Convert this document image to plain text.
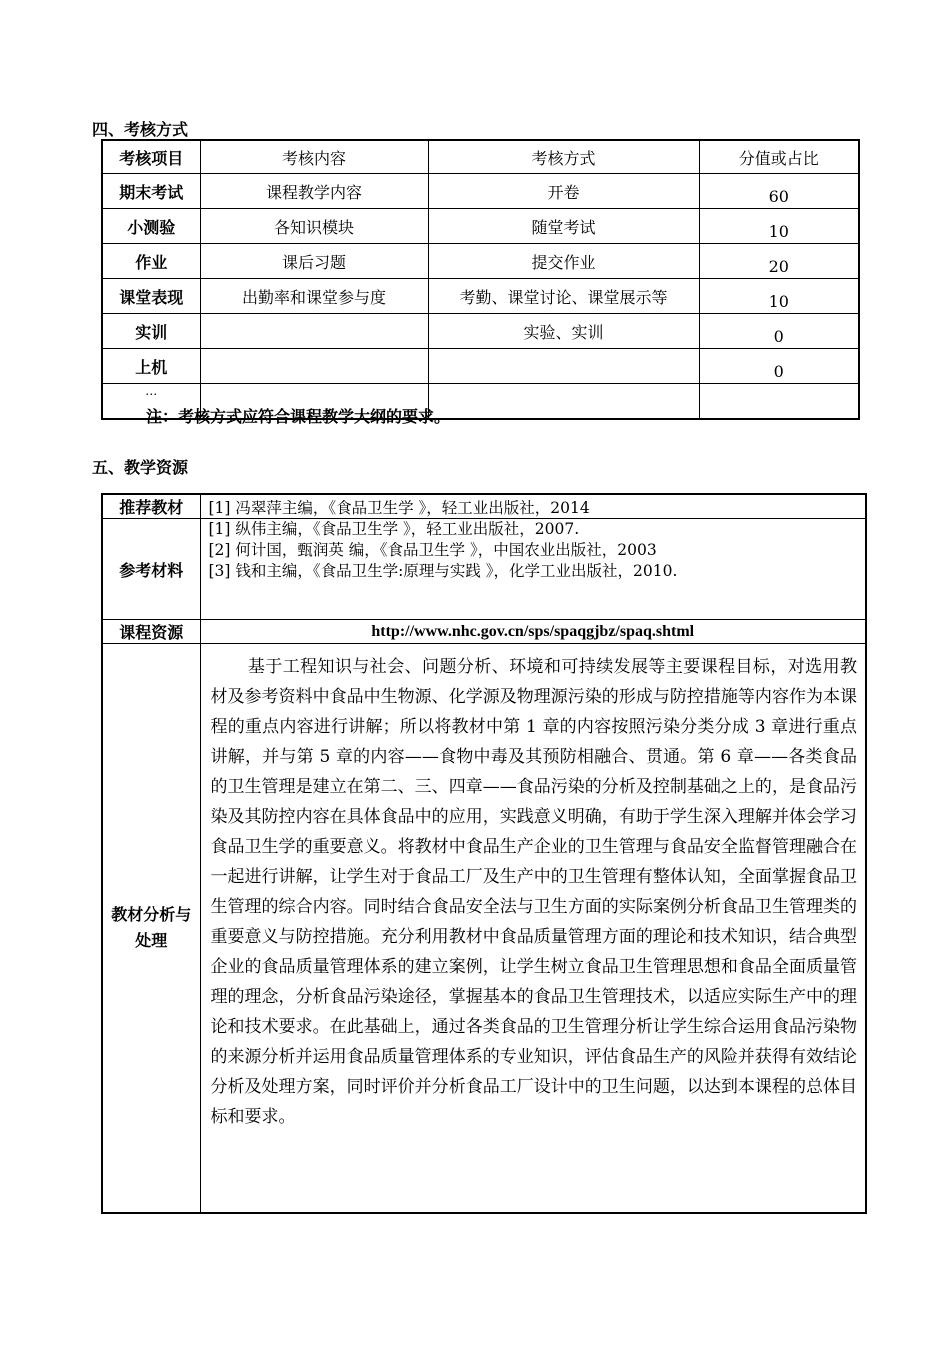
四、考核方式
考核项目	考核内容	考核方式	分值或占比
期末考试	课程教学内容	开卷	60
小测验	各知识模块	随堂考试	10
作业	课后习题	提交作业	20
课堂表现	出勤率和课堂参与度	考勤、课堂讨论、课堂展示等	10
实训		实验、实训	0
上机			0
…			
注：考核方式应符合课程教学大纲的要求。
五、教学资源
推荐教材	[1] 冯翠萍主编，《食品卫生学 》，轻工业出版社，2014
参考材料	[1] 纵伟主编，《食品卫生学 》，轻工业出版社，2007.
[2] 何计国，甄润英 编，《食品卫生学 》，中国农业出版社，2003
[3] 钱和主编，《食品卫生学:原理与实践 》，化学工业出版社，2010.

课程资源	http://www.nhc.gov.cn/sps/spaqgjbz/spaq.shtml

教材分析与处理	基于工程知识与社会、问题分析、环境和可持续发展等主要课程目标，对选用教材及参考资料中食品中生物源、化学源及物理源污染的形成与防控措施等内容作为本课程的重点内容进行讲解；所以将教材中第 1 章的内容按照污染分类分成 3 章进行重点讲解，并与第 5 章的内容——食物中毒及其预防相融合、贯通。第 6 章——各类食品的卫生管理是建立在第二、三、四章——食品污染的分析及控制基础之上的，是食品污染及其防控内容在具体食品中的应用，实践意义明确，有助于学生深入理解并体会学习食品卫生学的重要意义。将教材中食品生产企业的卫生管理与食品安全监督管理融合在一起进行讲解，让学生对于食品工厂及生产中的卫生管理有整体认知，全面掌握食品卫生管理的综合内容。同时结合食品安全法与卫生方面的实际案例分析食品卫生管理类的重要意义与防控措施。充分利用教材中食品质量管理方面的理论和技术知识，结合典型企业的食品质量管理体系的建立案例，让学生树立食品卫生管理思想和食品全面质量管理的理念，分析食品污染途径，掌握基本的食品卫生管理技术，以适应实际生产中的理论和技术要求。在此基础上，通过各类食品的卫生管理分析让学生综合运用食品污染物的来源分析并运用食品质量管理体系的专业知识，评估食品生产的风险并获得有效结论分析及处理方案，同时评价并分析食品工厂设计中的卫生问题，以达到本课程的总体目标和要求。
